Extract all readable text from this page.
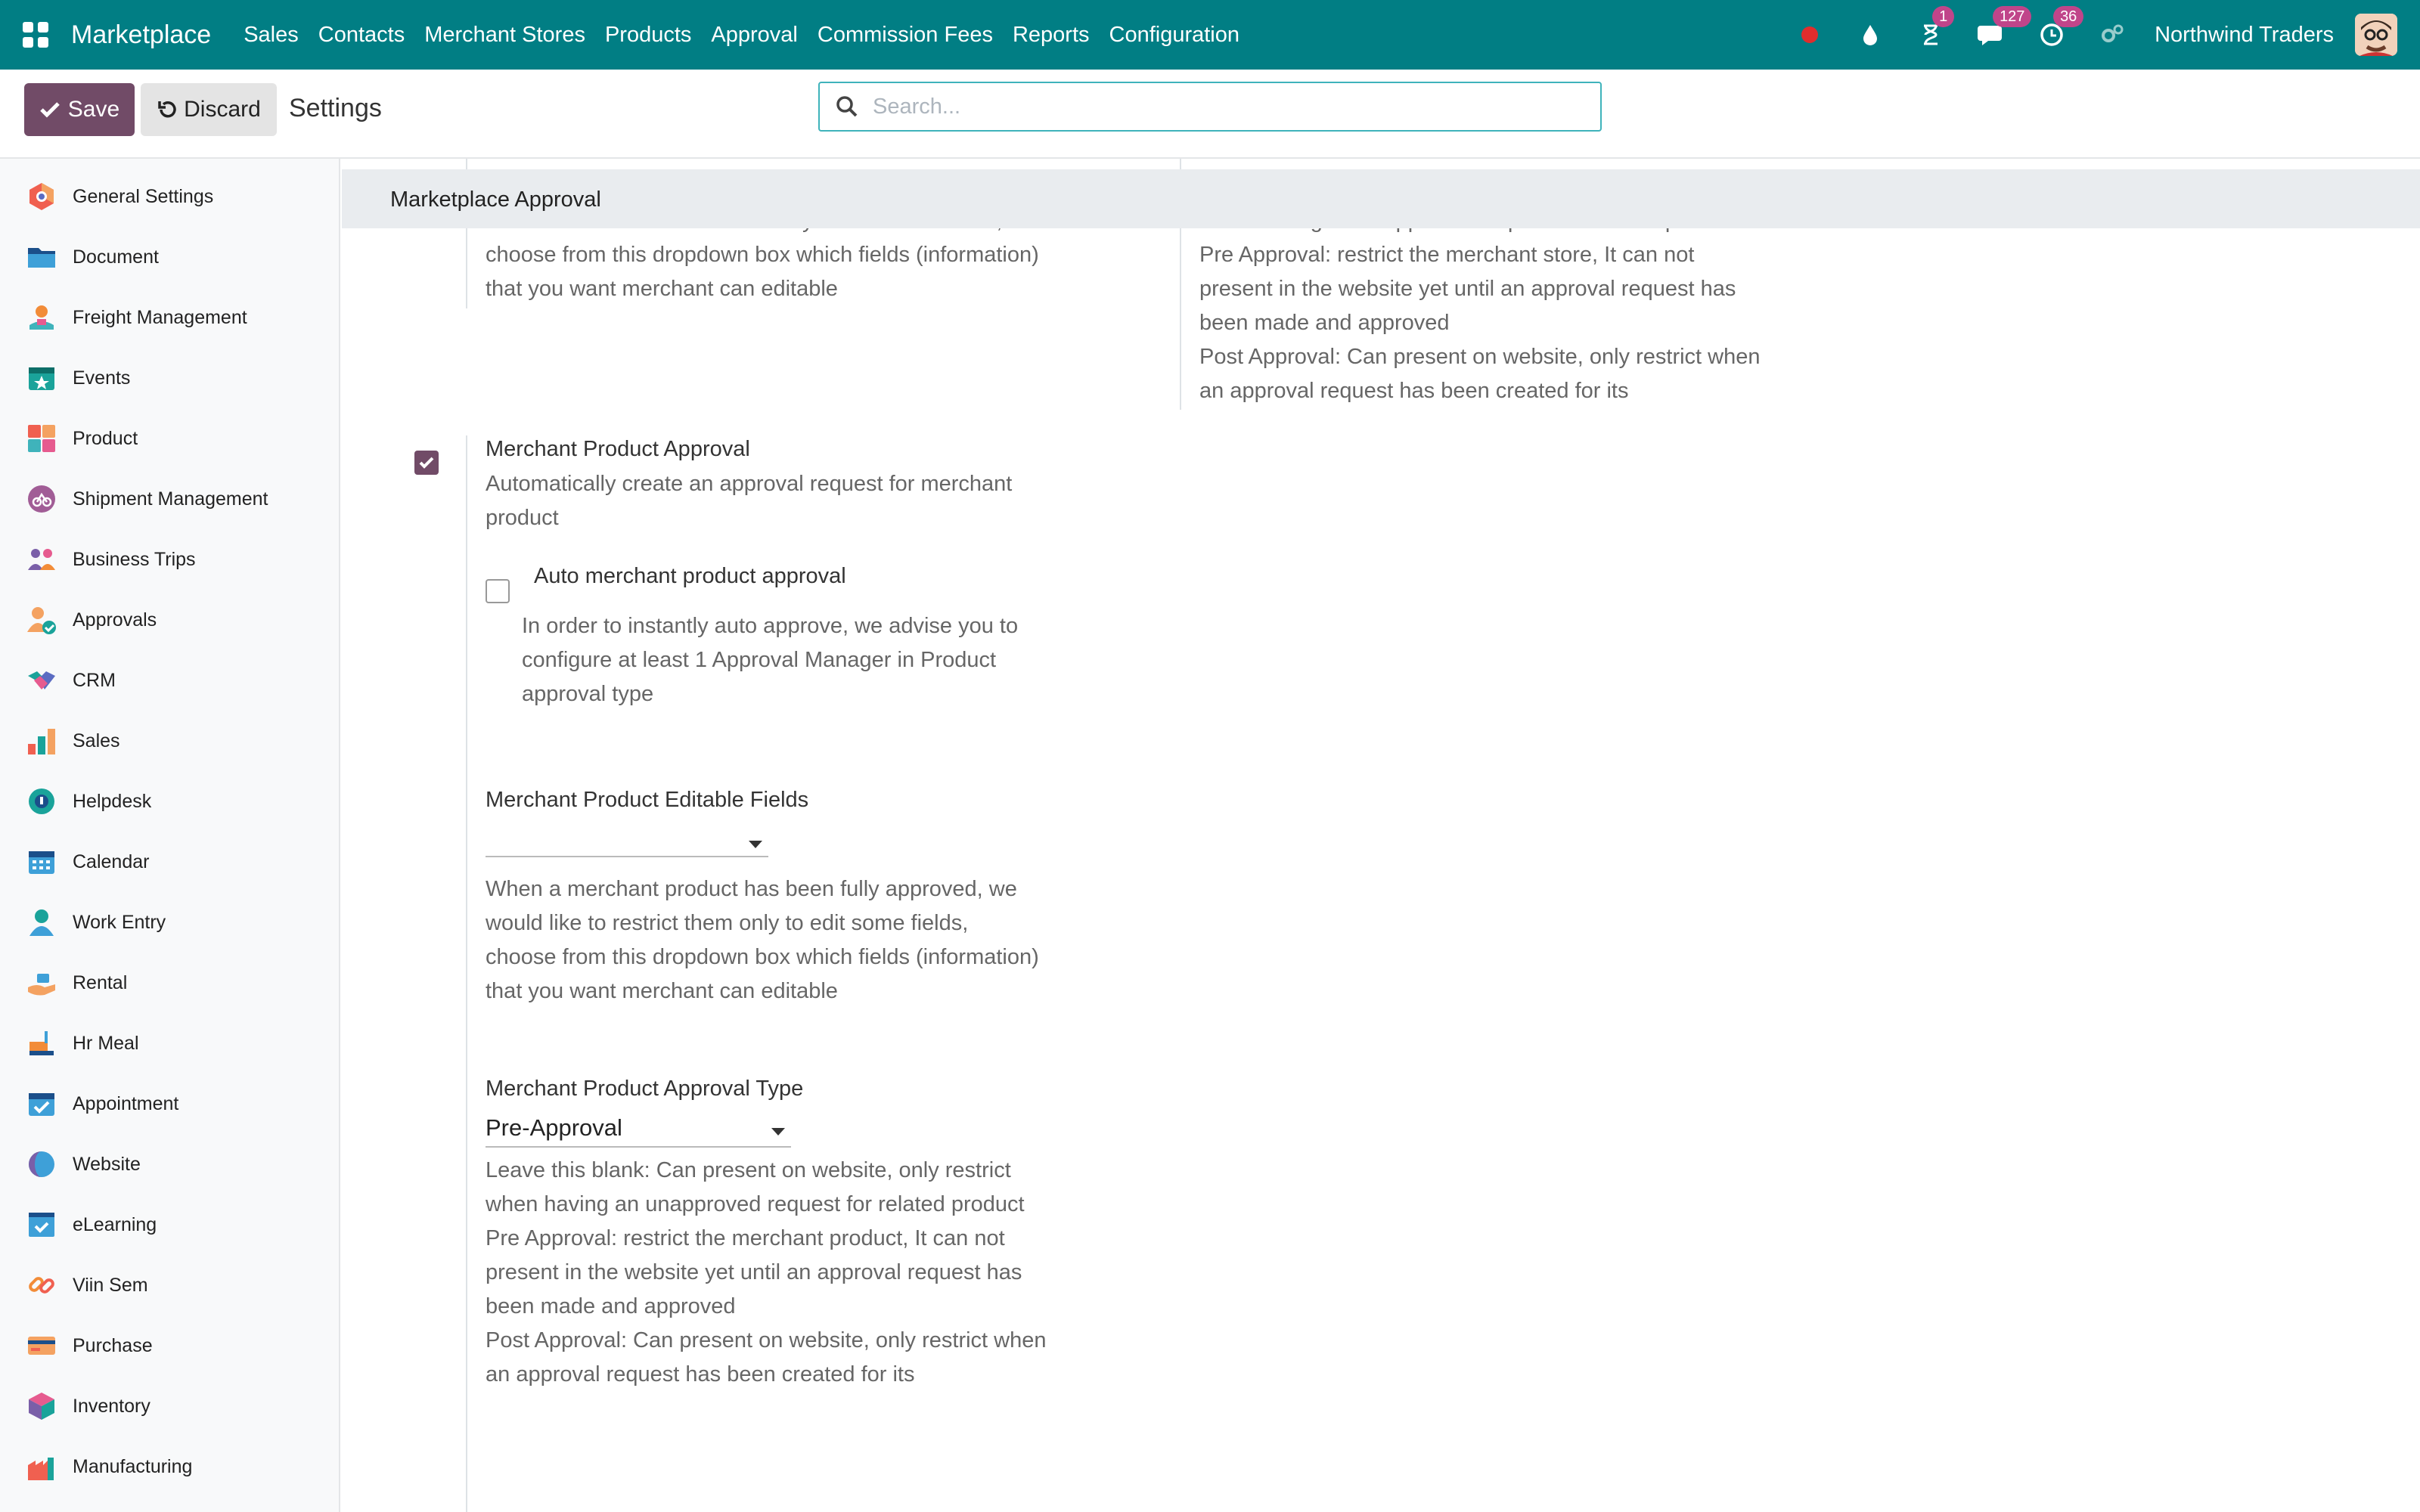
Marketplace Sales Contacts Merchant Stores Products Approval Commission Fees Reports Configuration
1	127	36
Northwind Traders
Save	Discard Settings
Search...
General Settings
Document
Freight Management
Events
Product
Shipment Management
Business Trips
Approvals
CRM
Sales
Helpdesk
Calendar
Work Entry
Rental
Hr Meal
Appointment
Website
eLearning
Viin Sem
Purchase
Inventory
Manufacturing
Marketplace Approval
choose from this dropdown box which fields (information)
that you want merchant can editable
Pre Approval: restrict the merchant store, It can not
present in the website yet until an approval request has
been made and approved
Post Approval: Can present on website, only restrict when
an approval request has been created for its
Merchant Product Approval
Automatically create an approval request for merchant
product
Auto merchant product approval
In order to instantly auto approve, we advise you to
configure at least 1 Approval Manager in Product
approval type
Merchant Product Editable Fields
When a merchant product has been fully approved, we
would like to restrict them only to edit some fields,
choose from this dropdown box which fields (information)
that you want merchant can editable
Merchant Product Approval Type
Pre-Approval
Leave this blank: Can present on website, only restrict
when having an unapproved request for related product
Pre Approval: restrict the merchant product, It can not
present in the website yet until an approval request has
been made and approved
Post Approval: Can present on website, only restrict when
an approval request has been created for its
